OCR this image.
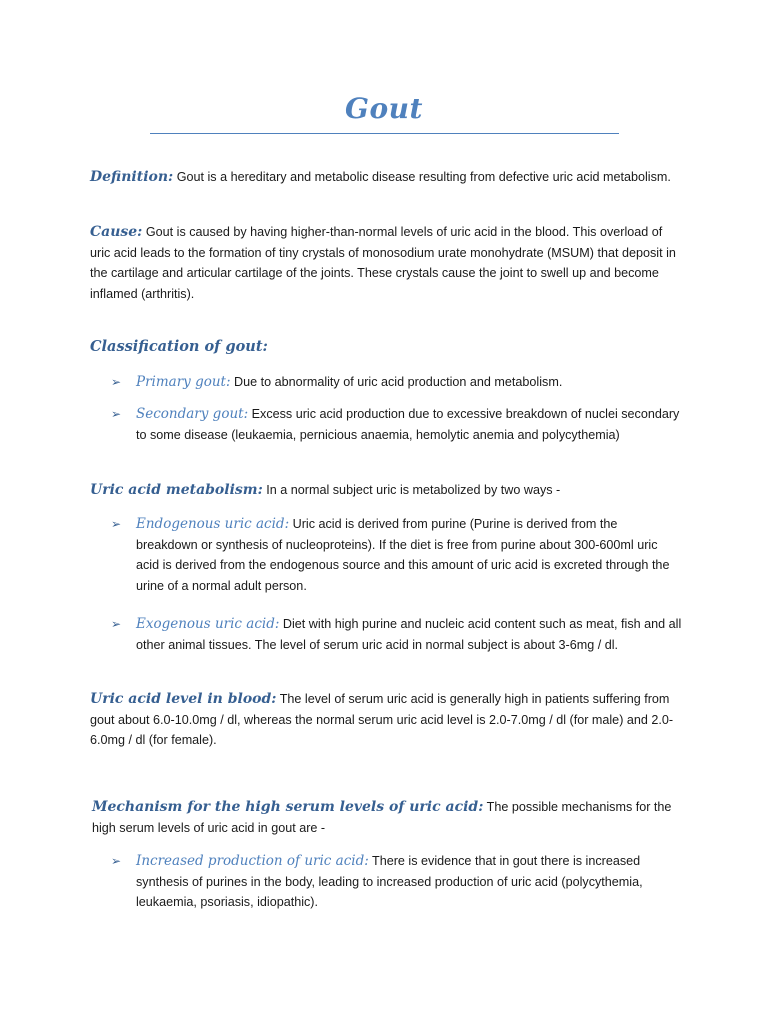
Gout
Definition: Gout is a hereditary and metabolic disease resulting from defective uric acid metabolism.
Cause: Gout is caused by having higher-than-normal levels of uric acid in the blood. This overload of uric acid leads to the formation of tiny crystals of monosodium urate monohydrate (MSUM) that deposit in the cartilage and articular cartilage of the joints. These crystals cause the joint to swell up and become inflamed (arthritis).
Classification of gout:
➢ Primary gout: Due to abnormality of uric acid production and metabolism.
➢ Secondary gout: Excess uric acid production due to excessive breakdown of nuclei secondary to some disease (leukaemia, pernicious anaemia, hemolytic anemia and polycythemia)
Uric acid metabolism: In a normal subject uric is metabolized by two ways -
➢ Endogenous uric acid: Uric acid is derived from purine (Purine is derived from the breakdown or synthesis of nucleoproteins). If the diet is free from purine about 300-600ml uric acid is derived from the endogenous source and this amount of uric acid is excreted through the urine of a normal adult person.
➢ Exogenous uric acid: Diet with high purine and nucleic acid content such as meat, fish and all other animal tissues. The level of serum uric acid in normal subject is about 3-6mg / dl.
Uric acid level in blood: The level of serum uric acid is generally high in patients suffering from gout about 6.0-10.0mg / dl, whereas the normal serum uric acid level is 2.0-7.0mg / dl (for male) and 2.0-6.0mg / dl (for female).
Mechanism for the high serum levels of uric acid: The possible mechanisms for the high serum levels of uric acid in gout are -
➢ Increased production of uric acid: There is evidence that in gout there is increased synthesis of purines in the body, leading to increased production of uric acid (polycythemia, leukaemia, psoriasis, idiopathic).
